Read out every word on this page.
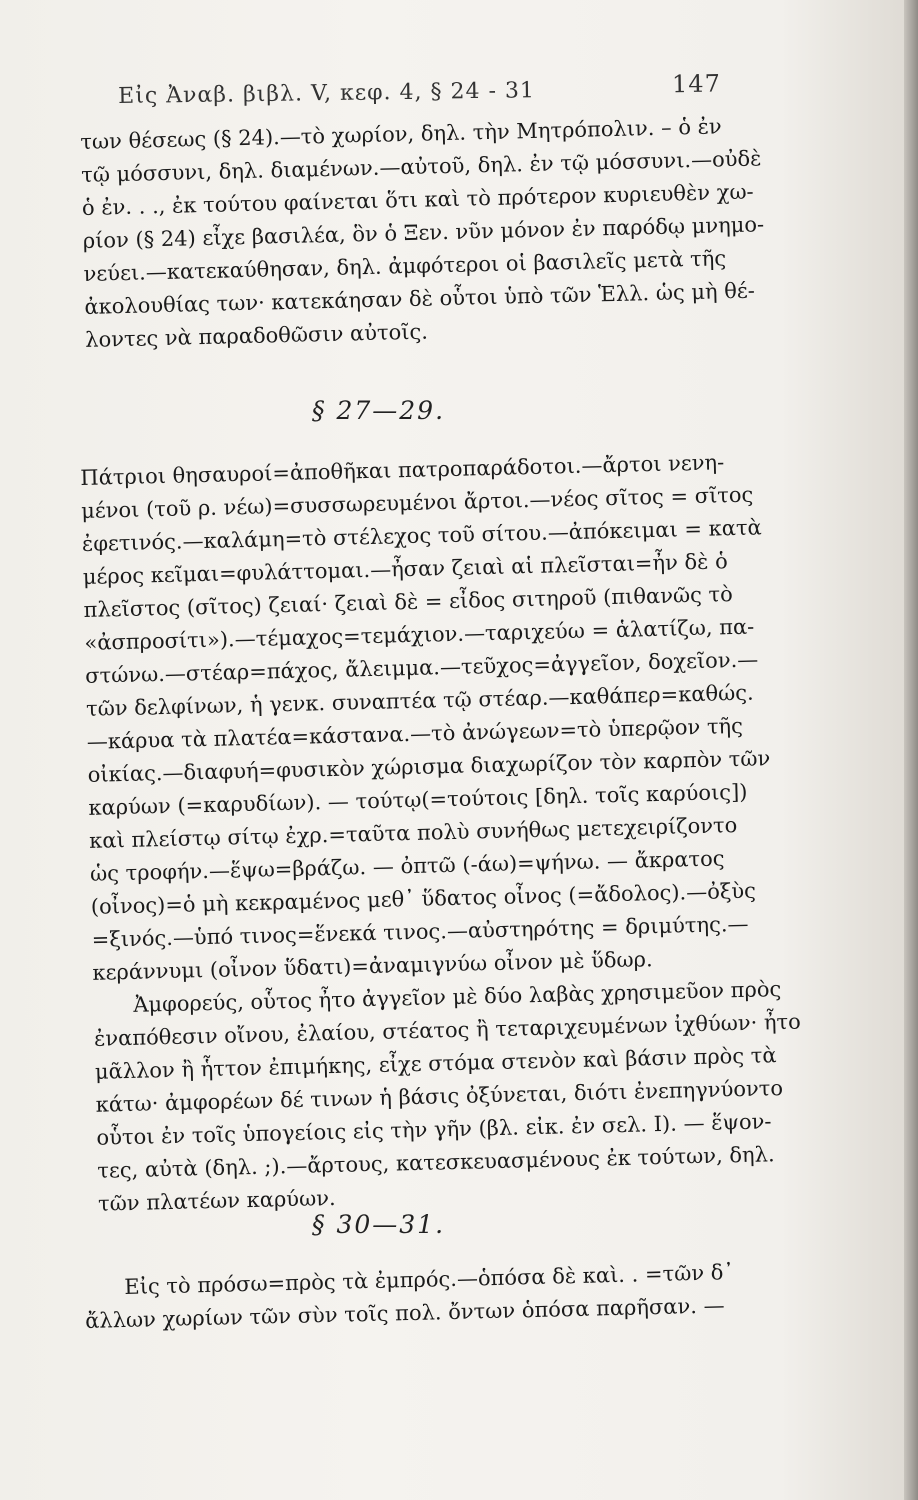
Εἰς Ἀναβ. βιβλ. V, κεφ. 4, § 24 - 31	147
των θέσεως (§ 24).—τὸ χωρίον, δηλ. τὴν Μητρόπολιν. – ὁ ἐν
τῷ μόσσυνι, δηλ. διαμένων.—αὐτοῦ, δηλ. ἐν τῷ μόσσυνι.—οὐδὲ
ὁ ἐν. . ., ἐκ τούτου φαίνεται ὅτι καὶ τὸ πρότερον κυριευθὲν χω-
ρίον (§ 24) εἶχε βασιλέα, ὃν ὁ Ξεν. νῦν μόνον ἐν παρόδῳ μνημο-
νεύει.—κατεκαύθησαν, δηλ. ἀμφότεροι οἱ βασιλεῖς μετὰ τῆς
ἀκολουθίας των· κατεκάησαν δὲ οὗτοι ὑπὸ τῶν Ἑλλ. ὡς μὴ θέ-
λοντες νὰ παραδοθῶσιν αὐτοῖς.
§ 27—29.
Πάτριοι θησαυροί=ἀποθῆκαι πατροπαράδοτοι.—ἄρτοι νενη-
μένοι (τοῦ ρ. νέω)=συσσωρευμένοι ἄρτοι.—νέος σῖτος = σῖτος
ἐφετινός.—καλάμη=τὸ στέλεχος τοῦ σίτου.—ἀπόκειμαι = κατὰ
μέρος κεῖμαι=φυλάττομαι.—ἦσαν ζειαὶ αἱ πλεῖσται=ἦν δὲ ὁ
πλεῖστος (σῖτος) ζειαί· ζειαὶ δὲ = εἶδος σιτηροῦ (πιθανῶς τὸ
«ἀσπροσίτι»).—τέμαχος=τεμάχιον.—ταριχεύω = ἁλατίζω, πα-
στώνω.—στέαρ=πάχος, ἄλειμμα.—τεῦχος=ἀγγεῖον, δοχεῖον.—
τῶν δελφίνων, ἡ γενκ. συναπτέα τῷ στέαρ.—καθάπερ=καθώς.
—κάρυα τὰ πλατέα=κάστανα.—τὸ ἀνώγεων=τὸ ὑπερῷον τῆς
οἰκίας.—διαφυή=φυσικὸν χώρισμα διαχωρίζον τὸν καρπὸν τῶν
καρύων (=καρυδίων). — τούτῳ(=τούτοις [δηλ. τοῖς καρύοις])
καὶ πλείστῳ σίτῳ ἐχρ.=ταῦτα πολὺ συνήθως μετεχειρίζοντο
ὡς τροφήν.—ἕψω=βράζω. — ὀπτῶ (-άω)=ψήνω. — ἄκρατος
(οἶνος)=ὁ μὴ κεκραμένος μεθ᾽ ὕδατος οἶνος (=ἄδολος).—ὀξὺς
=ξινός.—ὑπό τινος=ἕνεκά τινος.—αὐστηρότης = δριμύτης.—
κεράννυμι (οἶνον ὕδατι)=ἀναμιγνύω οἶνον μὲ ὕδωρ.
Ἀμφορεύς, οὗτος ἦτο ἀγγεῖον μὲ δύο λαβὰς χρησιμεῦον πρὸς
ἐναπόθεσιν οἴνου, ἐλαίου, στέατος ἢ τεταριχευμένων ἰχθύων· ἦτο
μᾶλλον ἢ ἧττον ἐπιμήκης, εἶχε στόμα στενὸν καὶ βάσιν πρὸς τὰ
κάτω· ἀμφορέων δέ τινων ἡ βάσις ὀξύνεται, διότι ἐνεπηγνύοντο
οὗτοι ἐν τοῖς ὑπογείοις εἰς τὴν γῆν (βλ. εἰκ. ἐν σελ. I). — ἕψον-
τες, αὐτὰ (δηλ. ;).—ἄρτους, κατεσκευασμένους ἐκ τούτων, δηλ.
τῶν πλατέων καρύων.
§ 30—31.
Εἰς τὸ πρόσω=πρὸς τὰ ἐμπρός.—ὁπόσα δὲ καὶ. . =τῶν δ᾽
ἄλλων χωρίων τῶν σὺν τοῖς πολ. ὄντων ὁπόσα παρῆσαν. —
